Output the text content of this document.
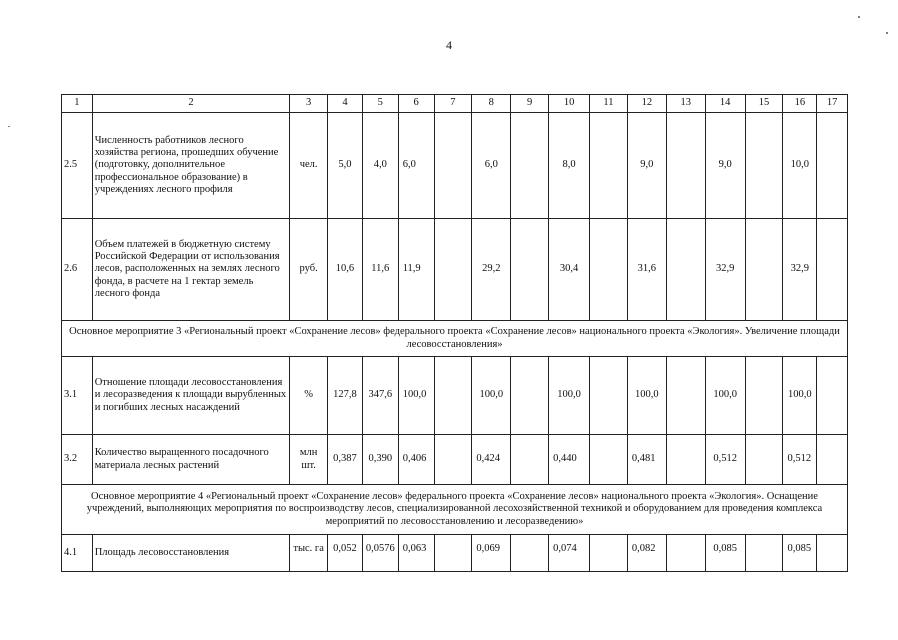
4
1	2	3	4	5	6	7	8	9	10	11	12	13	14	15	16	17
2.5	Численность работников лесного хозяйства региона, прошедших обучение (подготовку, дополнительное профессиональное образование) в учреждениях лесного профиля	чел.	5,0	4,0	6,0		6,0		8,0		9,0		9,0		10,0	
2.6	Объем платежей в бюджетную систему Российской Федерации от использования лесов, расположенных на землях лесного фонда, в расчете на 1 гектар земель лесного фонда	руб.	10,6	11,6	11,9		29,2		30,4		31,6		32,9		32,9	
Основное мероприятие 3 «Региональный проект «Сохранение лесов» федерального проекта «Сохранение лесов» национального проекта «Экология». Увеличение площади лесовосстановления»																
3.1	Отношение площади лесовосстановления и лесоразведения к площади вырубленных и погибших лесных насаждений	%	127,8	347,6	100,0		100,0		100,0		100,0		100,0		100,0	
3.2	Количество выращенного посадочного материала лесных растений	млн шт.	0,387	0,390	0,406		0,424		0,440		0,481		0,512		0,512	
Основное мероприятие 4 «Региональный проект «Сохранение лесов» федерального проекта «Сохранение лесов» национального проекта «Экология». Оснащение учреждений, выполняющих мероприятия по воспроизводству лесов, специализированной лесохозяйственной техникой и оборудованием для проведения комплекса мероприятий по лесовосстановлению и лесоразведению»																
4.1	Площадь лесовосстановления	тыс. га	0,052	0,0576	0,063		0,069		0,074		0,082		0,085		0,085	
